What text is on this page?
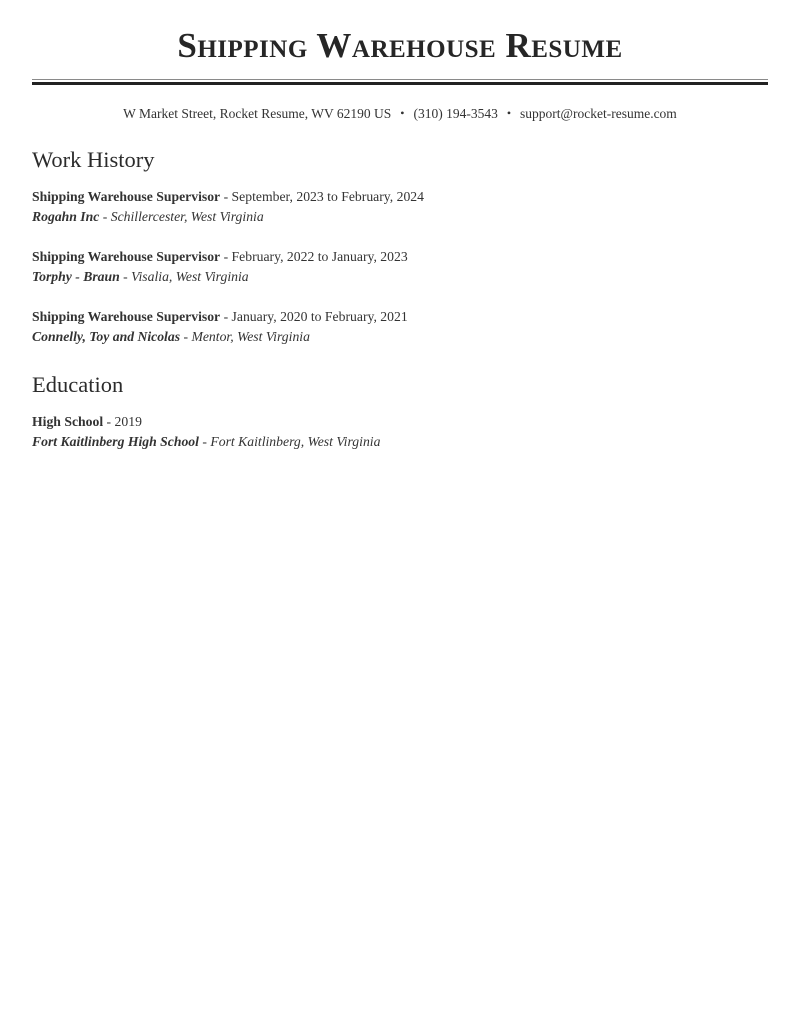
Shipping Warehouse Resume
W Market Street, Rocket Resume, WV 62190 US • (310) 194-3543 • support@rocket-resume.com
Work History
Shipping Warehouse Supervisor - September, 2023 to February, 2024
Rogahn Inc - Schillercester, West Virginia
Shipping Warehouse Supervisor - February, 2022 to January, 2023
Torphy - Braun - Visalia, West Virginia
Shipping Warehouse Supervisor - January, 2020 to February, 2021
Connelly, Toy and Nicolas - Mentor, West Virginia
Education
High School - 2019
Fort Kaitlinberg High School - Fort Kaitlinberg, West Virginia
